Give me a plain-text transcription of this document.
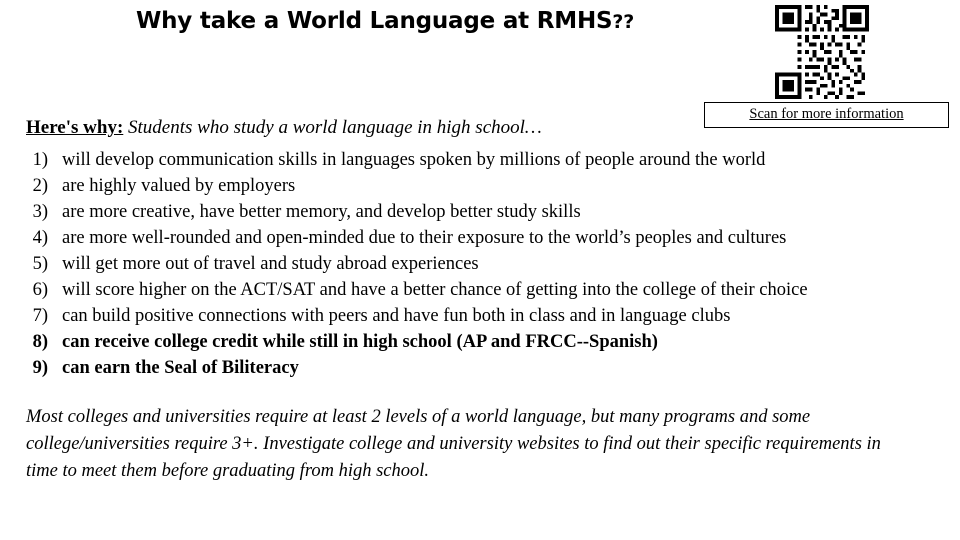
Why take a World Language at RMHS??
Scan for more information
Here's why: Students who study a world language in high school…
1) will develop communication skills in languages spoken by millions of people around the world
2) are highly valued by employers
3) are more creative, have better memory, and develop better study skills
4) are more well-rounded and open-minded due to their exposure to the world’s peoples and cultures
5) will get more out of travel and study abroad experiences
6) will score higher on the ACT/SAT and have a better chance of getting into the college of their choice
7) can build positive connections with peers and have fun both in class and in language clubs
8) can receive college credit while still in high school (AP and FRCC--Spanish)
9) can earn the Seal of Biliteracy
Most colleges and universities require at least 2 levels of a world language, but many programs and some college/universities require 3+. Investigate college and university websites to find out their specific requirements in time to meet them before graduating from high school.
